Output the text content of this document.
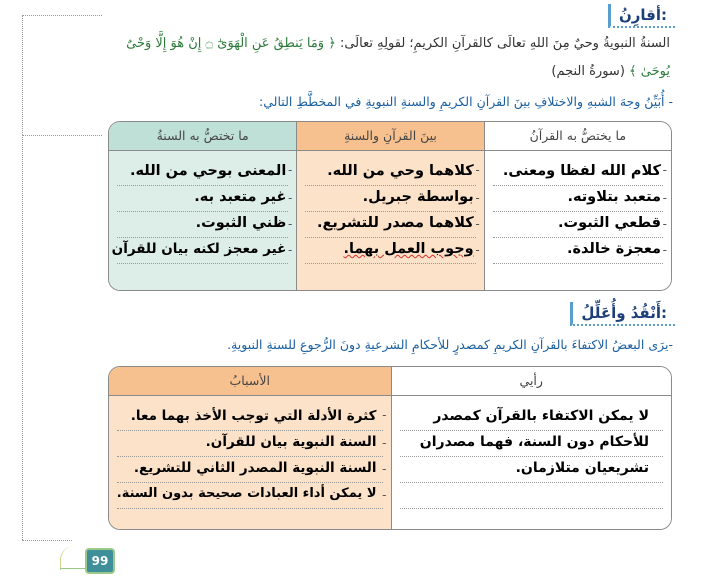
أقارِنُ:
السنةُ النبويةُ وحيٌ مِنَ اللهِ تعالَى كالقرآنِ الكريمِ؛ لقولِهِ تعالَى: ﴿ وَمَا يَنطِقُ عَنِ الْهَوَىٰٓ ۝ إِنْ هُوَ إِلَّا وَحْىٌ
يُوحَىٰ ﴾ (سورةُ النجم)
- أُبَيِّنُ وجهَ الشبهِ والاختلافِ بينَ القرآنِ الكريمِ والسنةِ النبويةِ في المخطَّطِ التالي:
ما يختصُّ به القرآنُ
-
كلام الله لفظا ومعنى.
-
متعبد بتلاوته.
-
قطعي الثبوت.
-
معجزة خالدة.
بينَ القرآنِ والسنةِ
-
كلاهما وحي من الله.
-
بواسطة جبريل.
-
كلاهما مصدر للتشريع.
-
وجوب العمل بهما.
ما تختصُّ به السنةُ
-
المعنى بوحي من الله.
-
غير متعبد به.
-
ظني الثبوت.
-
غير معجز لكنه بيان للقرآن
أَنْقُدُ وأُعَلِّلُ:
-يرَى البعضُ الاكتفاءَ بالقرآنِ الكريمِ كمصدرٍ للأحكامِ الشرعيةِ دونَ الرُّجوعِ للسنةِ النبويةِ.
رأيي
لا يمكن الاكتفاء بالقرآن كمصدر
للأحكام دون السنة، فهما مصدران
تشريعيان متلازمان.
الأسبابُ
-
كثرة الأدلة التي توجب الأخذ بهما معا.
-
السنة النبوية بيان للقرآن.
-
السنة النبوية المصدر الثاني للتشريع.
-
لا يمكن أداء العبادات صحيحة بدون السنة.
99
